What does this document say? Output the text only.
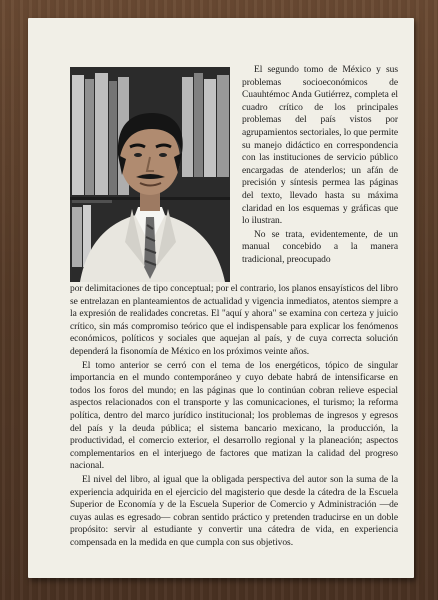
El segundo tomo de México y sus problemas socioeconómicos de Cuauhtémoc Anda Gutiérrez, completa el cuadro crítico de los principales problemas del país vistos por agrupamientos sectoriales, lo que permite su manejo didáctico en correspondencia con las instituciones de servicio público encargadas de atenderlos; un afán de precisión y síntesis permea las páginas del texto, llevado hasta su máxima claridad en los esquemas y gráficas que lo ilustran.

No se trata, evidentemente, de un manual concebido a la manera tradicional, preocupado

por delimitaciones de tipo conceptual; por el contrario, los planos ensayísticos del libro se entrelazan en planteamientos de actualidad y vigencia inmediatos, atentos siempre a la expresión de realidades concretas. El "aquí y ahora" se examina con certeza y juicio crítico, sin más compromiso teórico que el indispensable para explicar los fenómenos económicos, políticos y sociales que aquejan al país, y de cuya correcta solución dependerá la fisonomía de México en los próximos veinte años.

El tomo anterior se cerró con el tema de los energéticos, tópico de singular importancia en el mundo contemporáneo y cuyo debate habrá de intensificarse en todos los foros del mundo; en las páginas que lo continúan cobran relieve especial aspectos relacionados con el transporte y las comunicaciones, el turismo; la reforma política, dentro del marco jurídico institucional; los problemas de ingresos y egresos del país y la deuda pública; el sistema bancario mexicano, la producción, la productividad, el comercio exterior, el desarrollo regional y la planeación; aspectos complementarios en el interjuego de factores que matizan la calidad del progreso nacional.

El nivel del libro, al igual que la obligada perspectiva del autor son la suma de la experiencia adquirida en el ejercicio del magisterio que desde la cátedra de la Escuela Superior de Economía y de la Escuela Superior de Comercio y Administración —de cuyas aulas es egresado— cobran sentido práctico y pretenden traducirse en un doble propósito: servir al estudiante y convertir una cátedra de vida, en experiencia compensada en la medida en que cumpla con sus objetivos.
